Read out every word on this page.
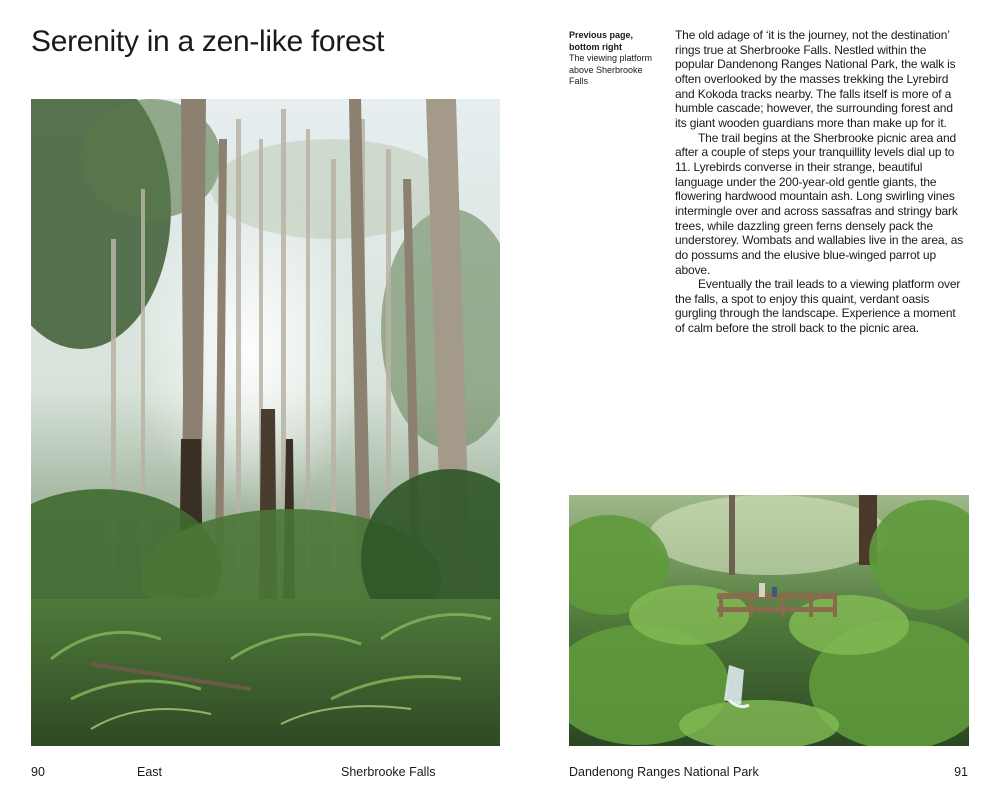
Serenity in a zen-like forest	Previous page, bottom right
The viewing platform above Sherbrooke Falls

The old adage of ‘it is the journey, not the destination’ rings true at Sherbrooke Falls. Nestled within the popular Dandenong Ranges National Park, the walk is often overlooked by the masses trekking the Lyrebird and Kokoda tracks nearby. The falls itself is more of a humble cascade; however, the surrounding forest and its giant wooden guardians more than make up for it.

The trail begins at the Sherbrooke picnic area and after a couple of steps your tranquillity levels dial up to 11. Lyrebirds converse in their strange, beautiful language under the 200-year-old gentle giants, the flowering hardwood mountain ash. Long swirling vines intermingle over and across sassafras and stringy bark trees, while dazzling green ferns densely pack the understorey. Wombats and wallabies live in the area, as do possums and the elusive blue-winged parrot up above.

Eventually the trail leads to a viewing platform over the falls, a spot to enjoy this quaint, verdant oasis gurgling through the landscape. Experience a moment of calm before the stroll back to the picnic area.

90	East	Sherbrooke Falls	Dandenong Ranges National Park	91
